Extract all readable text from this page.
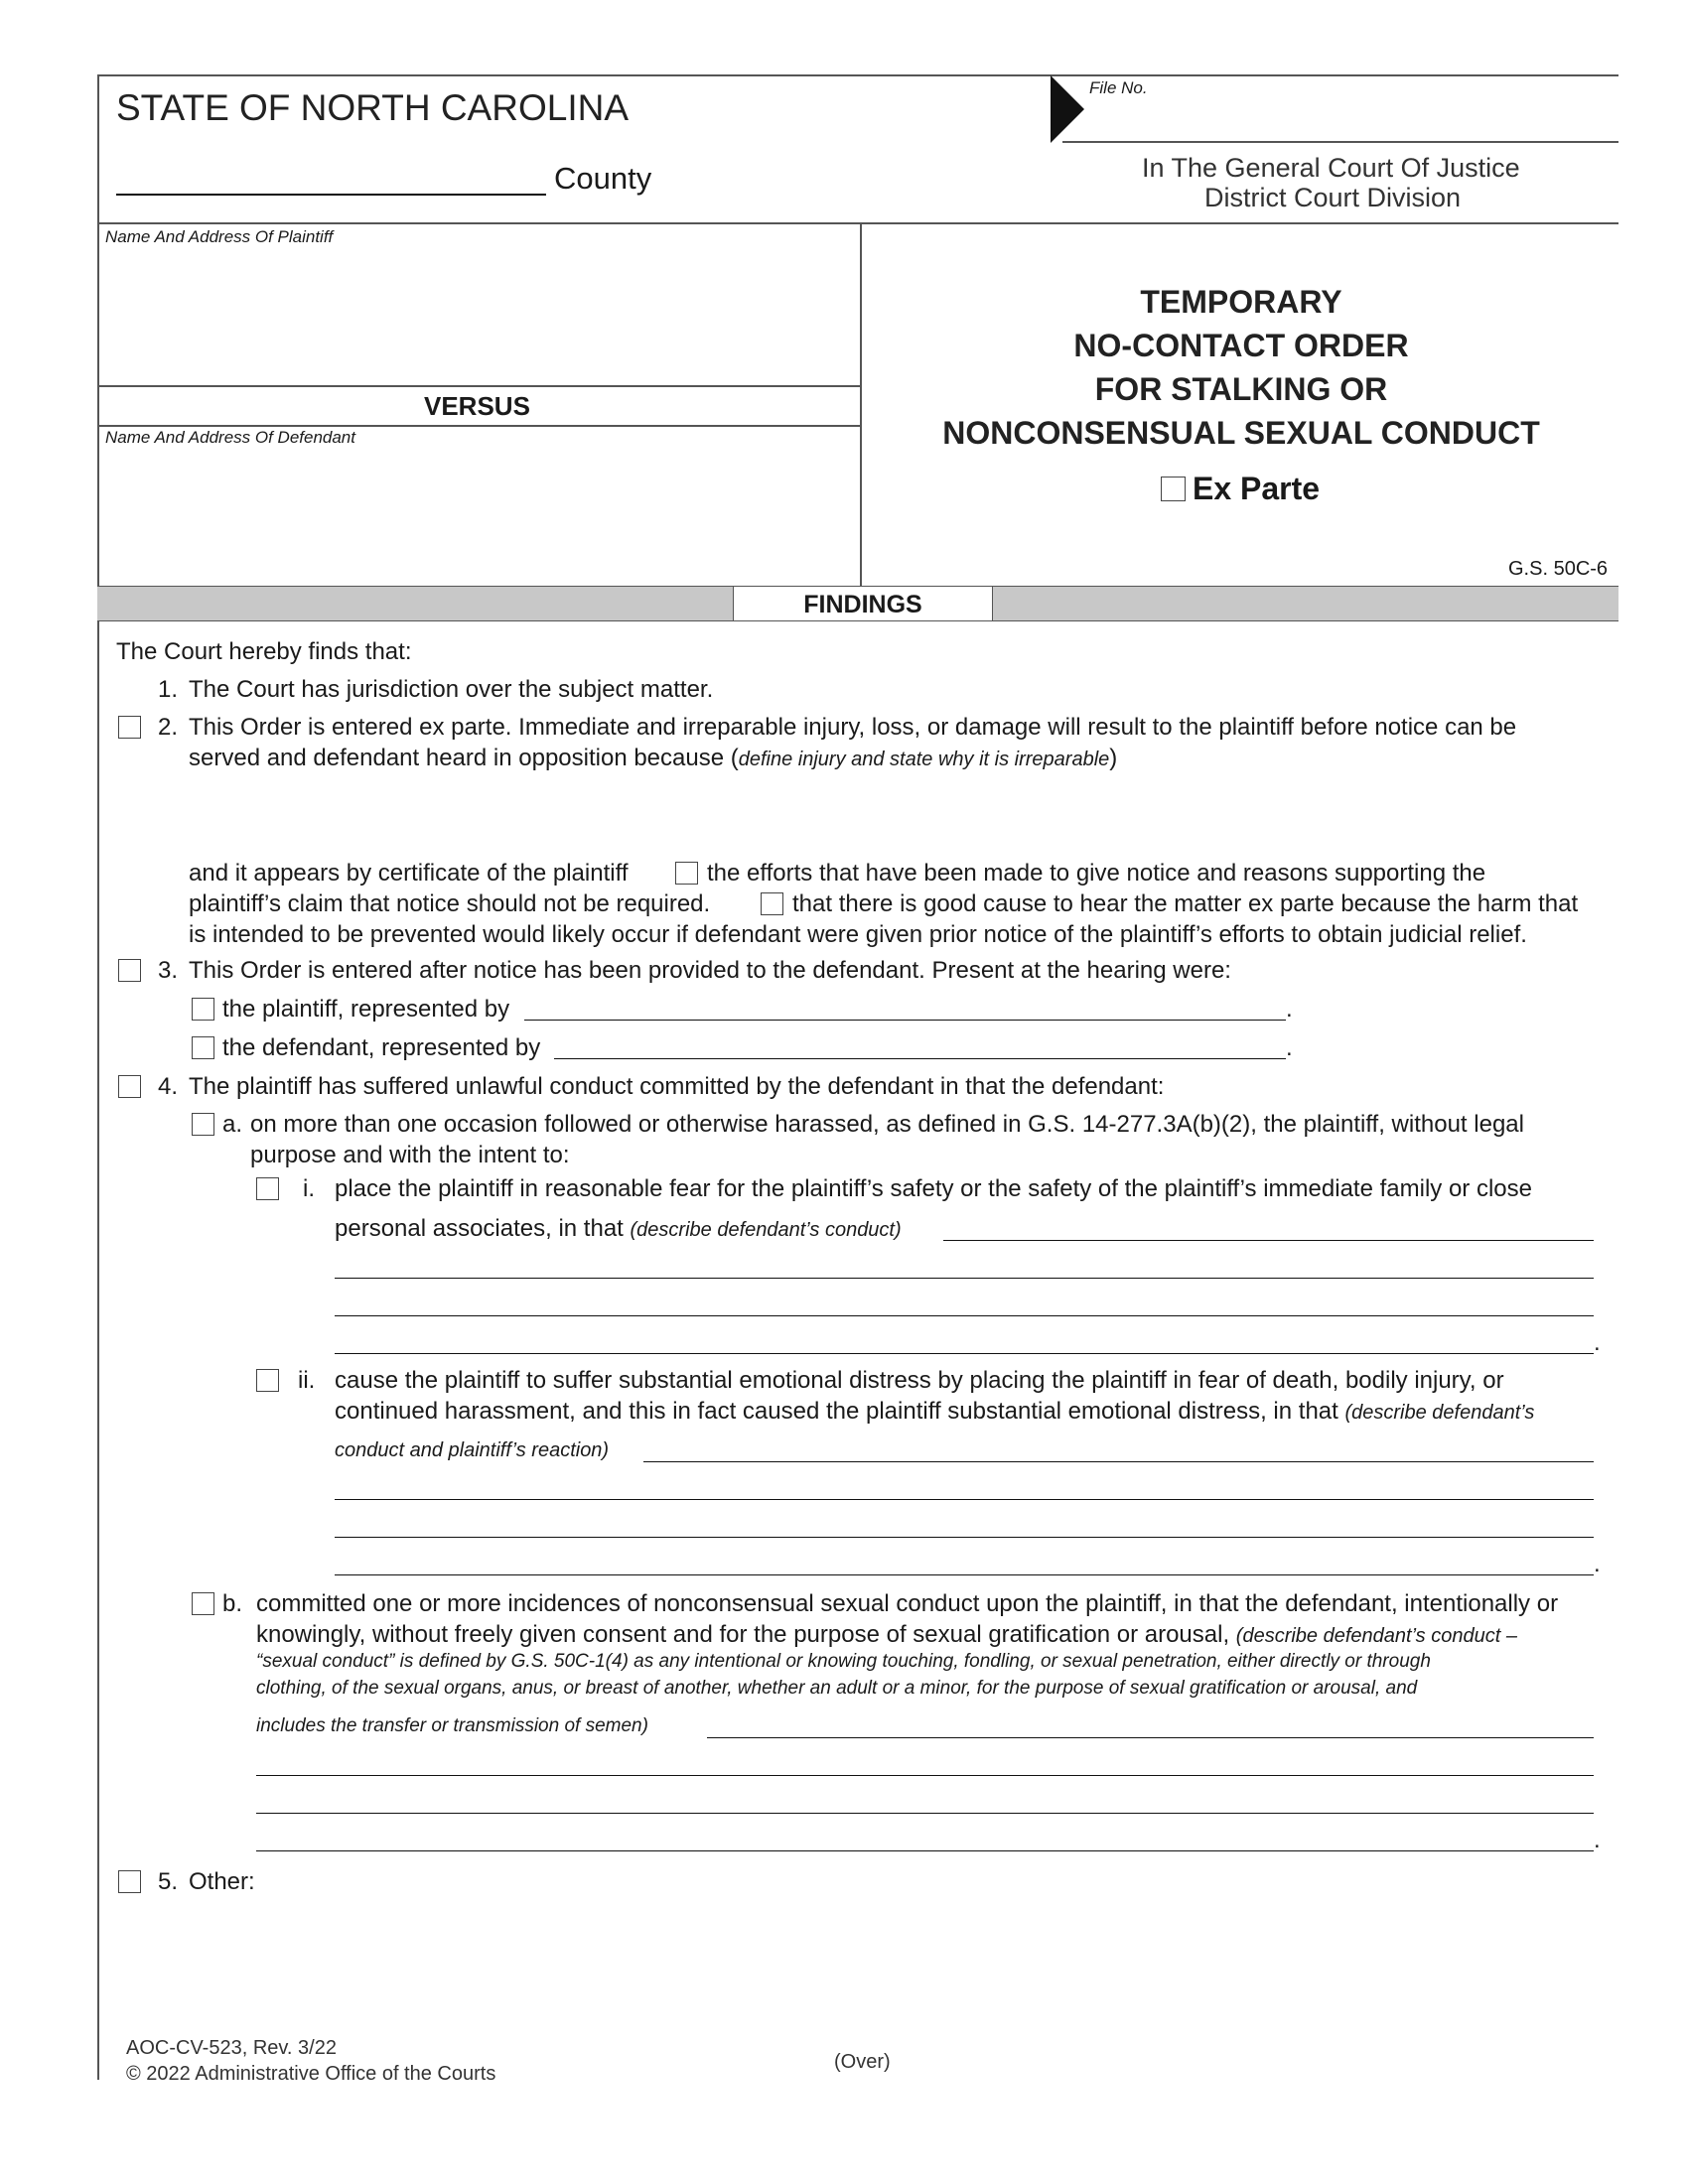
STATE OF NORTH CAROLINA
County
File No.
In The General Court Of Justice
District Court Division
Name And Address Of Plaintiff
VERSUS
Name And Address Of Defendant
TEMPORARY
NO-CONTACT ORDER
FOR STALKING OR
NONCONSENSUAL SEXUAL CONDUCT
Ex Parte
G.S. 50C-6
FINDINGS
The Court hereby finds that:
1. The Court has jurisdiction over the subject matter.
2. This Order is entered ex parte. Immediate and irreparable injury, loss, or damage will result to the plaintiff before notice can be
served and defendant heard in opposition because (define injury and state why it is irreparable)
and it appears by certificate of the plaintiff	the efforts that have been made to give notice and reasons supporting the
plaintiff’s claim that notice should not be required.	that there is good cause to hear the matter ex parte because the harm that
is intended to be prevented would likely occur if defendant were given prior notice of the plaintiff’s efforts to obtain judicial relief.
3. This Order is entered after notice has been provided to the defendant. Present at the hearing were:
the plaintiff, represented by	.
the defendant, represented by	.
4. The plaintiff has suffered unlawful conduct committed by the defendant in that the defendant:
a. on more than one occasion followed or otherwise harassed, as defined in G.S. 14-277.3A(b)(2), the plaintiff, without legal
purpose and with the intent to:
i. place the plaintiff in reasonable fear for the plaintiff’s safety or the safety of the plaintiff’s immediate family or close
personal associates, in that (describe defendant’s conduct)
.
ii. cause the plaintiff to suffer substantial emotional distress by placing the plaintiff in fear of death, bodily injury, or
continued harassment, and this in fact caused the plaintiff substantial emotional distress, in that (describe defendant’s
conduct and plaintiff’s reaction)
.
b. committed one or more incidences of nonconsensual sexual conduct upon the plaintiff, in that the defendant, intentionally or
knowingly, without freely given consent and for the purpose of sexual gratification or arousal, (describe defendant’s conduct –
“sexual conduct” is defined by G.S. 50C-1(4) as any intentional or knowing touching, fondling, or sexual penetration, either directly or through
clothing, of the sexual organs, anus, or breast of another, whether an adult or a minor, for the purpose of sexual gratification or arousal, and
includes the transfer or transmission of semen)
.
5. Other:
AOC-CV-523, Rev. 3/22
© 2022 Administrative Office of the Courts
(Over)
